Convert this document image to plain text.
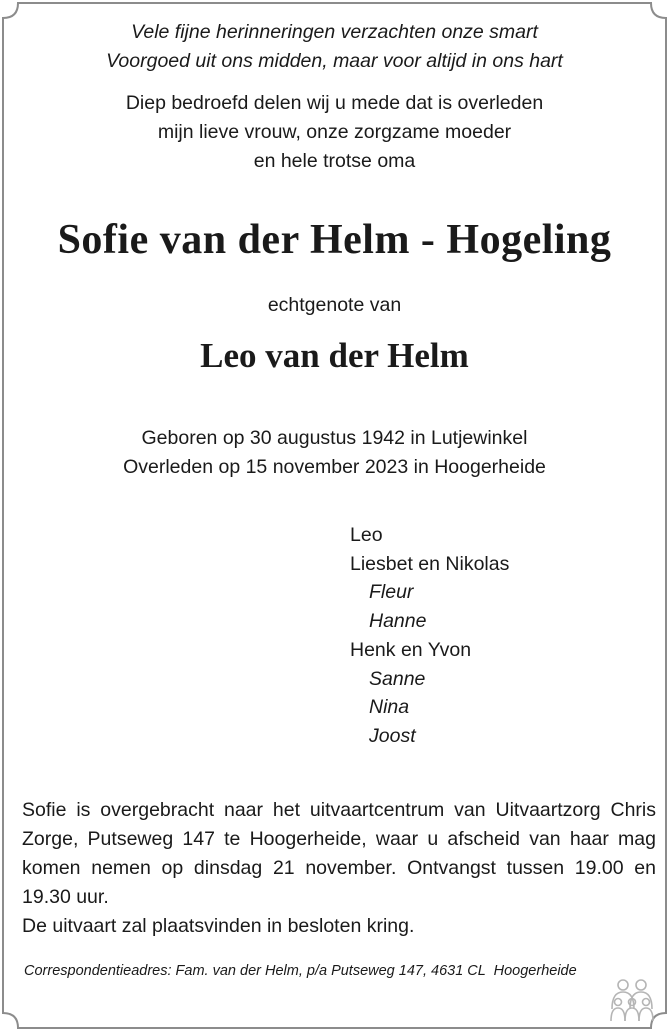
Vele fijne herinneringen verzachten onze smart
Voorgoed uit ons midden, maar voor altijd in ons hart
Diep bedroefd delen wij u mede dat is overleden
mijn lieve vrouw, onze zorgzame moeder
en hele trotse oma
Sofie van der Helm - Hogeling
echtgenote van
Leo van der Helm
Geboren op 30 augustus 1942 in Lutjewinkel
Overleden op 15 november 2023 in Hoogerheide
Leo
Liesbet en Nikolas
Fleur
Hanne
Henk en Yvon
Sanne
Nina
Joost

Sofie is overgebracht naar het uitvaartcentrum van Uitvaartzorg Chris Zorge, Putseweg 147 te Hoogerheide, waar u afscheid van haar mag komen nemen op dinsdag 21 november. Ontvangst tussen 19.00 en 19.30 uur.

De uitvaart zal plaatsvinden in besloten kring.

Correspondentieadres: Fam. van der Helm, p/a Putseweg 147, 4631 CL  Hoogerheide
